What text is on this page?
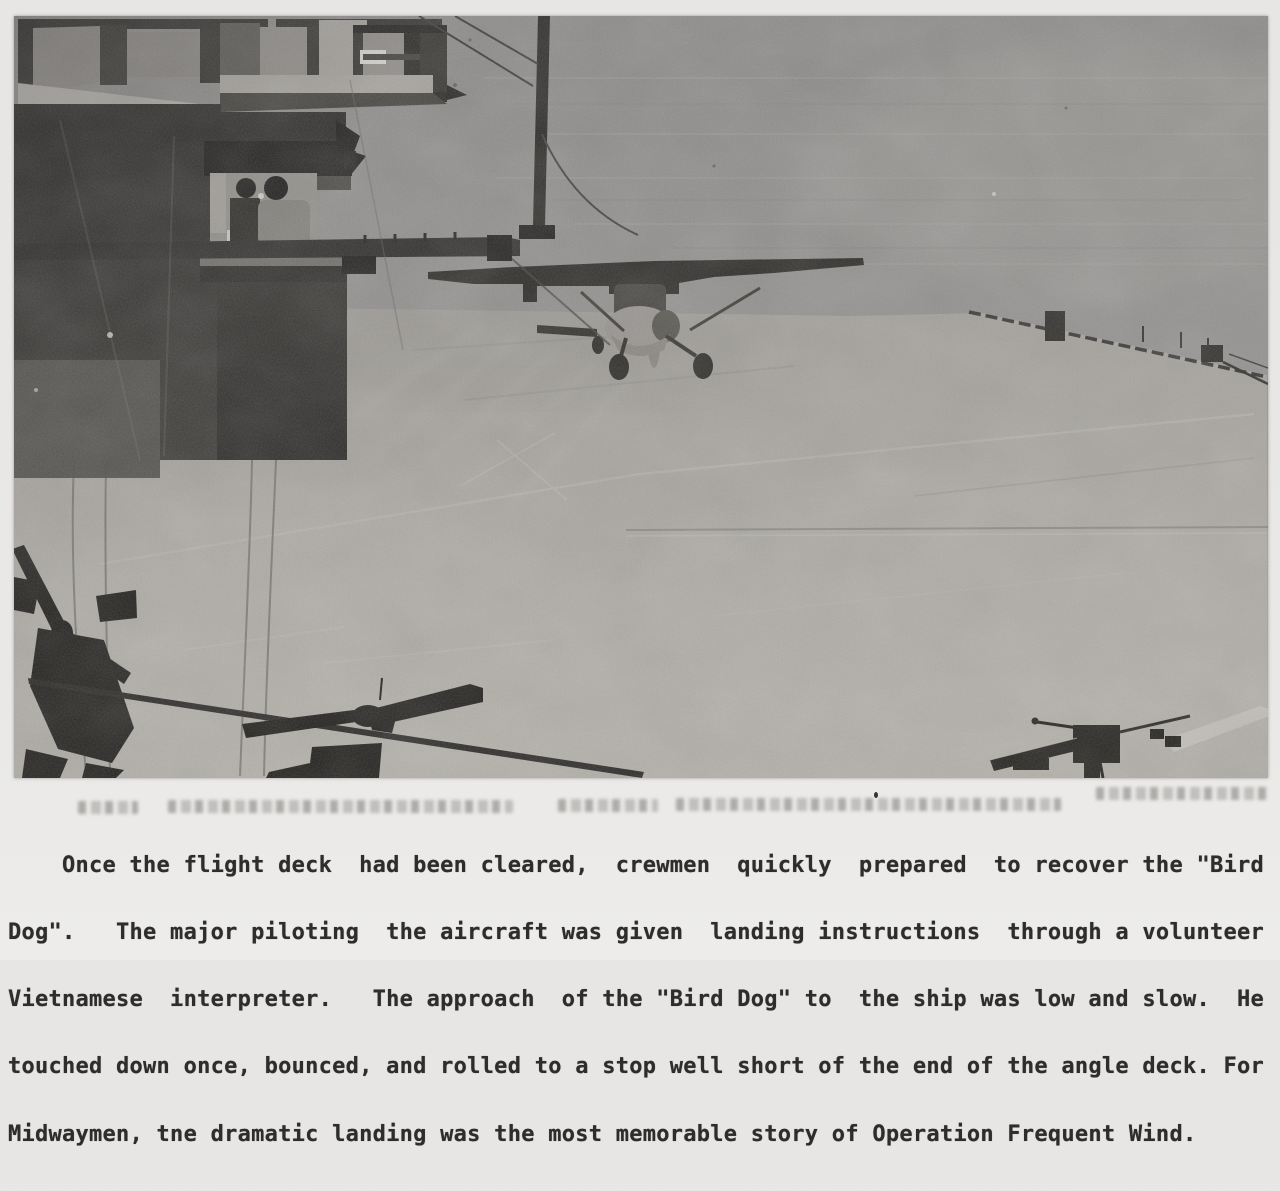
Once the flight deck  had been cleared,  crewmen  quickly  prepared  to recover the "Bird

Dog".   The major piloting  the aircraft was given  landing instructions  through a volunteer

Vietnamese  interpreter.   The approach  of the "Bird Dog" to  the ship was low and slow.  He

touched down once, bounced, and rolled to a stop well short of the end of the angle deck. For

Midwaymen, tne dramatic landing was the most memorable story of Operation Frequent Wind.
